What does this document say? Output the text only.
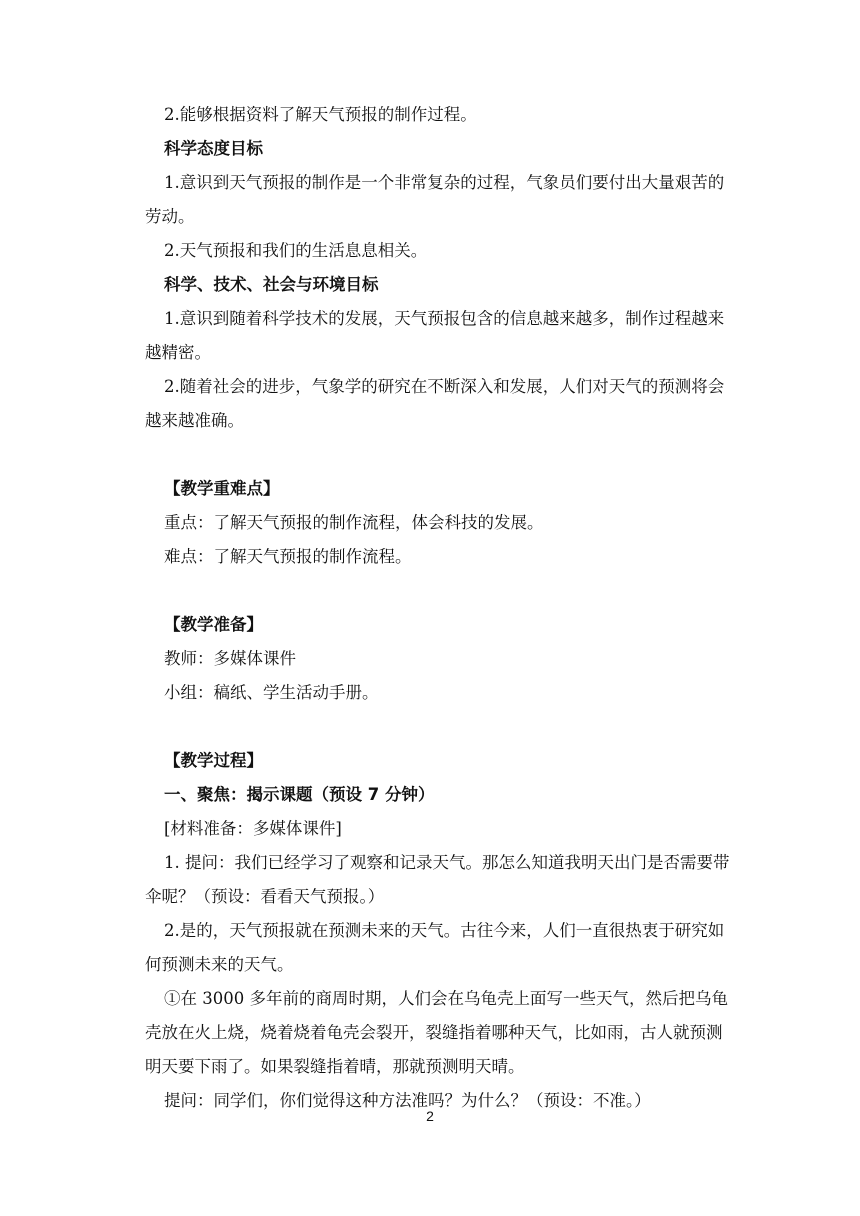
2.能够根据资料了解天气预报的制作过程。

科学态度目标

1.意识到天气预报的制作是一个非常复杂的过程，气象员们要付出大量艰苦的劳动。

2.天气预报和我们的生活息息相关。

科学、技术、社会与环境目标

1.意识到随着科学技术的发展，天气预报包含的信息越来越多，制作过程越来越精密。

2.随着社会的进步，气象学的研究在不断深入和发展，人们对天气的预测将会越来越准确。

【教学重难点】

重点：了解天气预报的制作流程，体会科技的发展。

难点：了解天气预报的制作流程。

【教学准备】

教师：多媒体课件

小组：稿纸、学生活动手册。

【教学过程】

一、聚焦：揭示课题（预设 7 分钟）

[材料准备：多媒体课件]

1. 提问：我们已经学习了观察和记录天气。那怎么知道我明天出门是否需要带伞呢？（预设：看看天气预报。）

2.是的，天气预报就在预测未来的天气。古往今来，人们一直很热衷于研究如何预测未来的天气。

①在 3000 多年前的商周时期，人们会在乌龟壳上面写一些天气，然后把乌龟壳放在火上烧，烧着烧着龟壳会裂开，裂缝指着哪种天气，比如雨，古人就预测明天要下雨了。如果裂缝指着晴，那就预测明天晴。

提问：同学们，你们觉得这种方法准吗？为什么？（预设：不准。）

2
